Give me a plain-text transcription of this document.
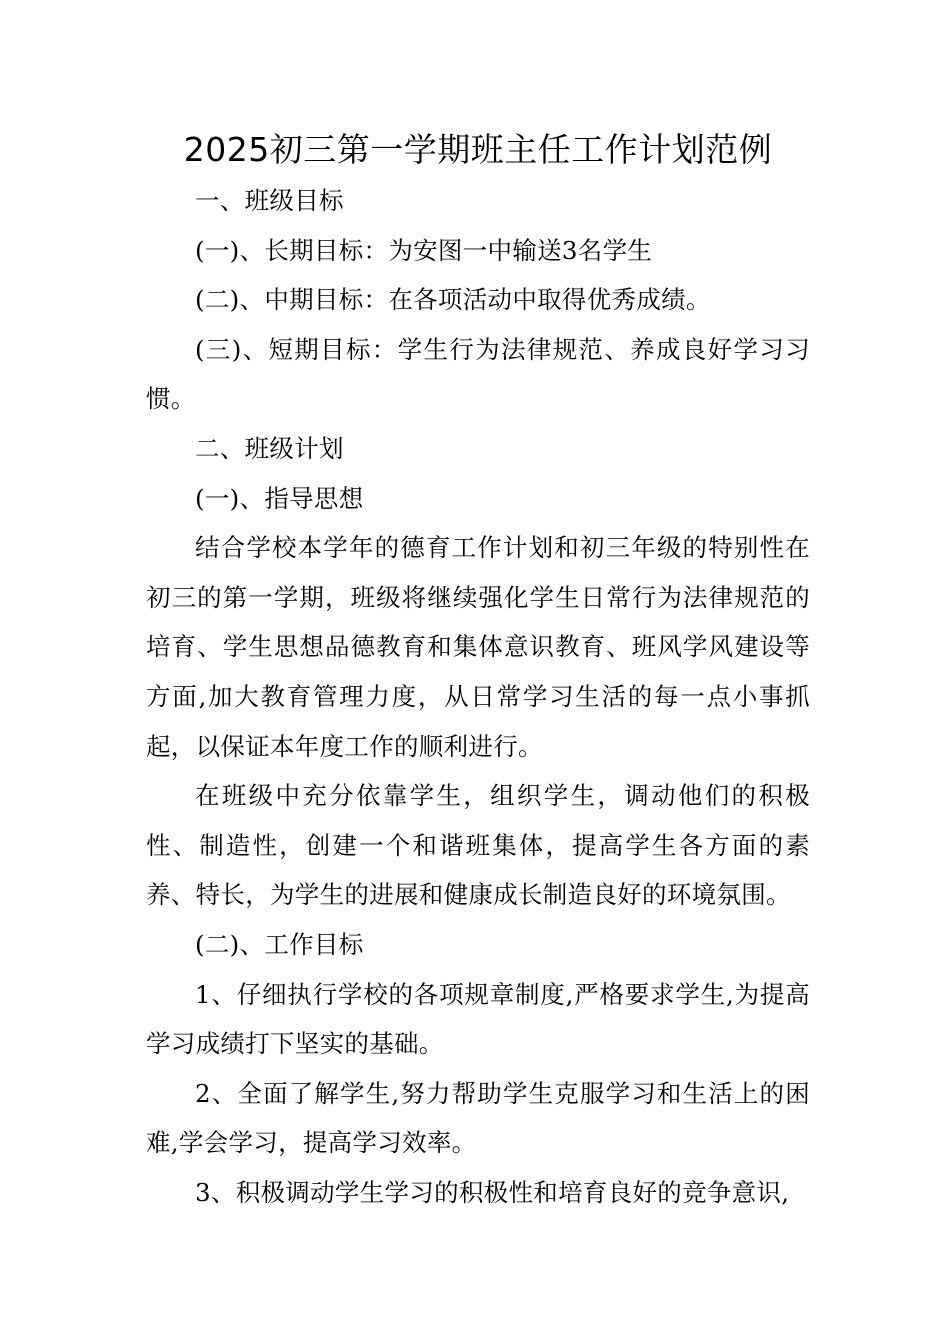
2025初三第一学期班主任工作计划范例

一、班级目标

(一)、长期目标：为安图一中输送3名学生

(二)、中期目标：在各项活动中取得优秀成绩。

(三)、短期目标：学生行为法律规范、养成良好学习习惯。

二、班级计划

(一)、指导思想

结合学校本学年的德育工作计划和初三年级的特别性在初三的第一学期，班级将继续强化学生日常行为法律规范的培育、学生思想品德教育和集体意识教育、班风学风建设等方面,加大教育管理力度，从日常学习生活的每一点小事抓起，以保证本年度工作的顺利进行。

在班级中充分依靠学生，组织学生，调动他们的积极性、制造性，创建一个和谐班集体，提高学生各方面的素养、特长，为学生的进展和健康成长制造良好的环境氛围。

(二)、工作目标

1、仔细执行学校的各项规章制度,严格要求学生,为提高学习成绩打下坚实的基础。

2、全面了解学生,努力帮助学生克服学习和生活上的困难,学会学习，提高学习效率。

3、积极调动学生学习的积极性和培育良好的竞争意识,
